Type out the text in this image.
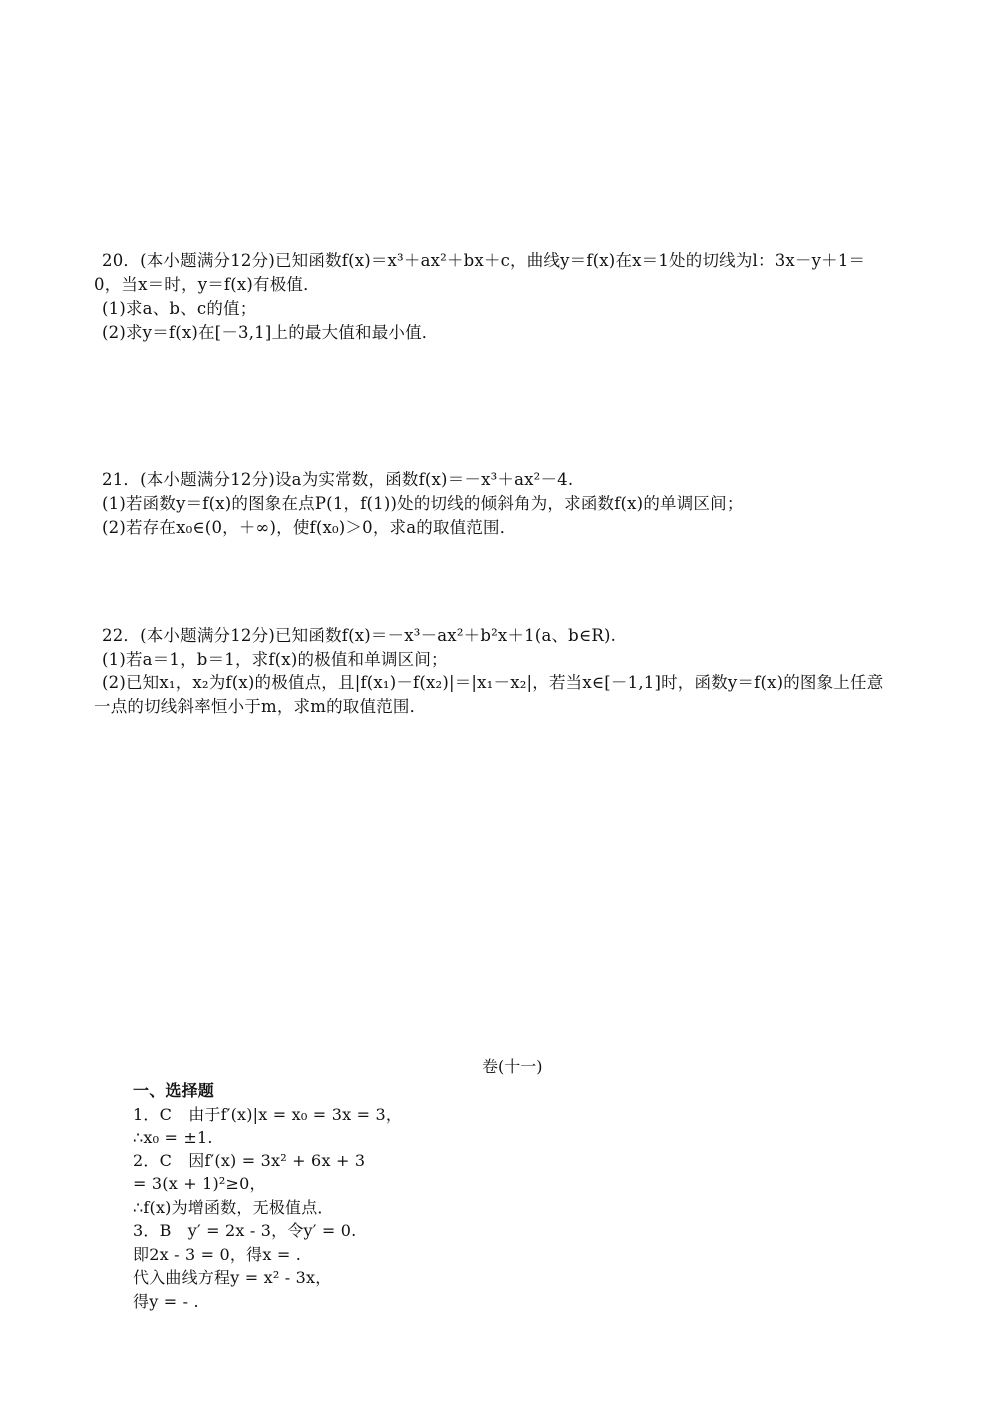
20．(本小题满分12分)已知函数f(x)＝x³＋ax²＋bx＋c，曲线y＝f(x)在x＝1处的切线为l：3x－y＋1＝
0，当x＝时，y＝f(x)有极值．
(1)求a、b、c的值；
(2)求y＝f(x)在[－3,1]上的最大值和最小值．
21．(本小题满分12分)设a为实常数，函数f(x)＝－x³＋ax²－4.
(1)若函数y＝f(x)的图象在点P(1，f(1))处的切线的倾斜角为，求函数f(x)的单调区间；
(2)若存在x₀∈(0，＋∞)，使f(x₀)＞0，求a的取值范围．
22．(本小题满分12分)已知函数f(x)＝－x³－ax²＋b²x＋1(a、b∈R).
(1)若a＝1，b＝1，求f(x)的极值和单调区间；
(2)已知x₁，x₂为f(x)的极值点，且|f(x₁)－f(x₂)|＝|x₁－x₂|，若当x∈[－1,1]时，函数y＝f(x)的图象上任意
一点的切线斜率恒小于m，求m的取值范围．
卷(十一)
一、选择题
1．C　由于f′(x)|x = x₀ = 3x = 3，
∴x₀ = ±1.
2．C　因f′(x) = 3x² + 6x + 3
= 3(x + 1)²≥0，
∴f(x)为增函数，无极值点．
3．B　y′ = 2x - 3，令y′ = 0.
即2x - 3 = 0，得x = .
代入曲线方程y = x² - 3x，
得y = - .
